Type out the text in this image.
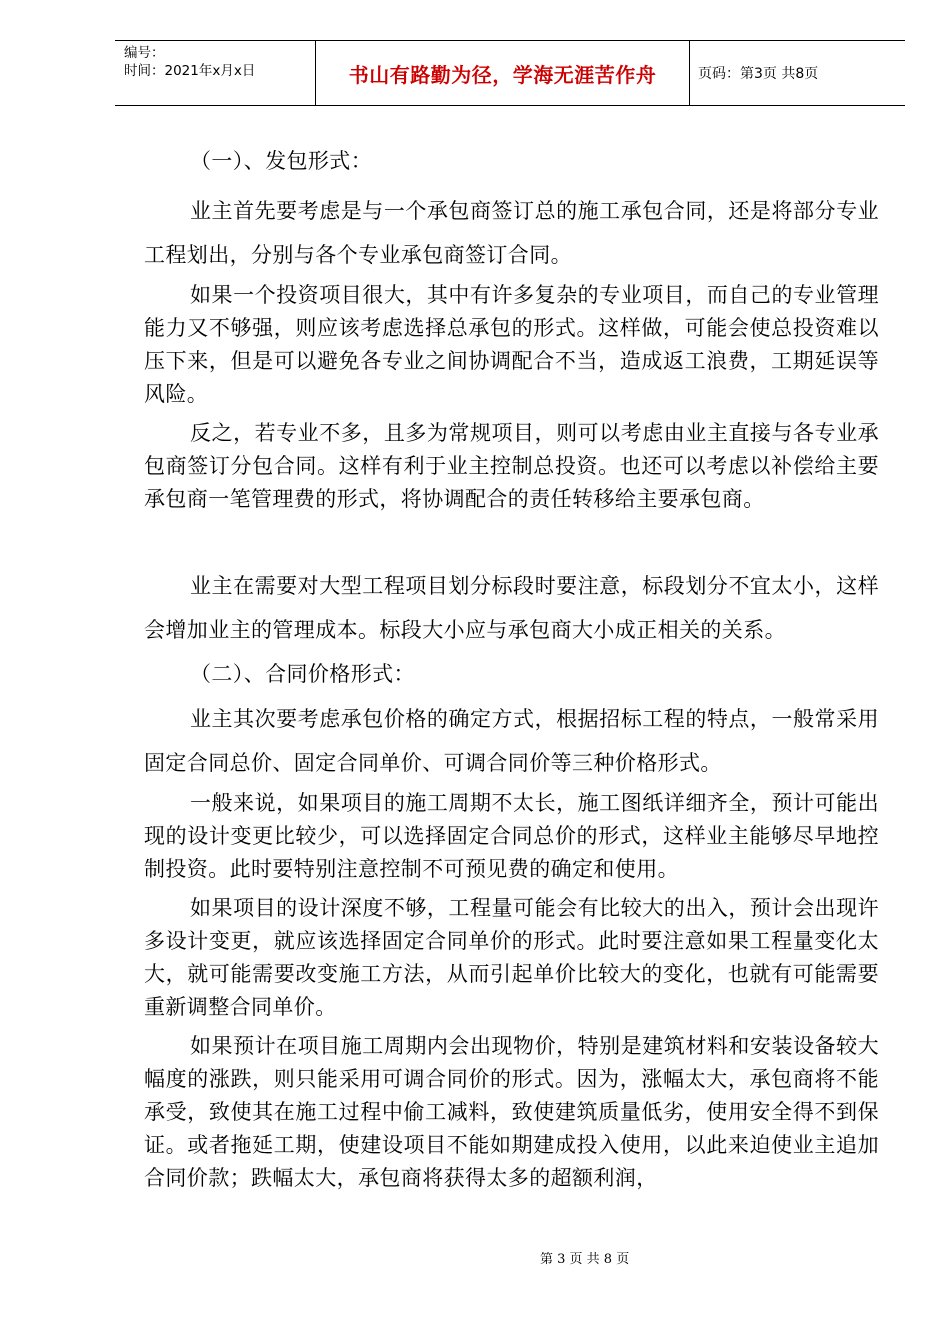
编号：
时间：2021年x月x日	书山有路勤为径，学海无涯苦作舟	页码：第3页 共8页

（一）、发包形式：

业主首先要考虑是与一个承包商签订总的施工承包合同，还是将部分专业工程划出，分别与各个专业承包商签订合同。

如果一个投资项目很大，其中有许多复杂的专业项目，而自己的专业管理能力又不够强，则应该考虑选择总承包的形式。这样做，可能会使总投资难以压下来，但是可以避免各专业之间协调配合不当，造成返工浪费，工期延误等风险。

反之，若专业不多，且多为常规项目，则可以考虑由业主直接与各专业承包商签订分包合同。这样有利于业主控制总投资。也还可以考虑以补偿给主要承包商一笔管理费的形式，将协调配合的责任转移给主要承包商。

业主在需要对大型工程项目划分标段时要注意，标段划分不宜太小，这样会增加业主的管理成本。标段大小应与承包商大小成正相关的关系。

（二）、合同价格形式：

业主其次要考虑承包价格的确定方式，根据招标工程的特点，一般常采用固定合同总价、固定合同单价、可调合同价等三种价格形式。

一般来说，如果项目的施工周期不太长，施工图纸详细齐全，预计可能出现的设计变更比较少，可以选择固定合同总价的形式，这样业主能够尽早地控制投资。此时要特别注意控制不可预见费的确定和使用。

如果项目的设计深度不够，工程量可能会有比较大的出入，预计会出现许多设计变更，就应该选择固定合同单价的形式。此时要注意如果工程量变化太大，就可能需要改变施工方法，从而引起单价比较大的变化，也就有可能需要重新调整合同单价。

如果预计在项目施工周期内会出现物价，特别是建筑材料和安装设备较大幅度的涨跌，则只能采用可调合同价的形式。因为，涨幅太大，承包商将不能承受，致使其在施工过程中偷工减料，致使建筑质量低劣，使用安全得不到保证。或者拖延工期，使建设项目不能如期建成投入使用，以此来迫使业主追加合同价款；跌幅太大，承包商将获得太多的超额利润，

第 3 页 共 8 页
